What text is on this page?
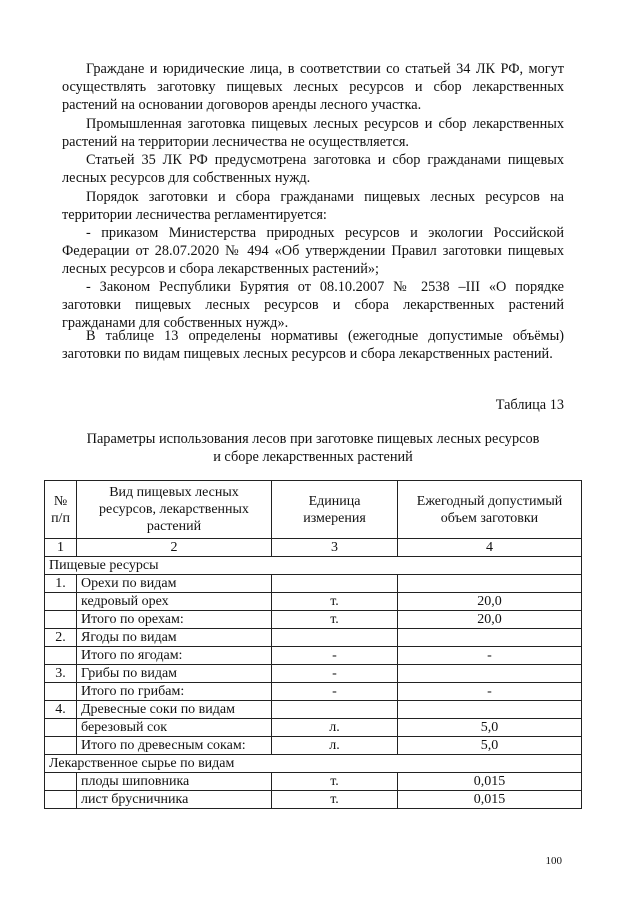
Граждане и юридические лица, в соответствии со статьей 34 ЛК РФ, могут осуществлять заготовку пищевых лесных ресурсов и сбор лекарственных растений на основании договоров аренды лесного участка.

Промышленная заготовка пищевых лесных ресурсов и сбор лекарственных растений на территории лесничества не осуществляется.

Статьей 35 ЛК РФ предусмотрена заготовка и сбор гражданами пищевых лесных ресурсов для собственных нужд.

Порядок заготовки и сбора гражданами пищевых лесных ресурсов на территории лесничества регламентируется:

- приказом Министерства природных ресурсов и экологии Российской Федерации от 28.07.2020 № 494 «Об утверждении Правил заготовки пищевых лесных ресурсов и сбора лекарственных растений»;

- Законом Республики Бурятия от 08.10.2007 № 2538 –III «О порядке заготовки пищевых лесных ресурсов и сбора лекарственных растений гражданами для собственных нужд».

В таблице 13 определены нормативы (ежегодные допустимые объёмы) заготовки по видам пищевых лесных ресурсов и сбора лекарственных растений.

Таблица 13
Параметры использования лесов при заготовке пищевых лесных ресурсов
и сборе лекарственных растений
№ п/п	Вид пищевых лесных ресурсов, лекарственных растений	Единица измерения	Ежегодный допустимый объем заготовки
1	2	3	4
Пищевые ресурсы			
1.	Орехи по видам		
	кедровый орех	т.	20,0
	Итого по орехам:	т.	20,0
2.	Ягоды по видам		
	Итого по ягодам:	-	-
3.	Грибы по видам	-	
	Итого по грибам:	-	-
4.	Древесные соки по видам		
	березовый сок	л.	5,0
	Итого по древесным сокам:	л.	5,0
Лекарственное сырье по видам			
	плоды шиповника	т.	0,015
	лист брусничника	т.	0,015
100
